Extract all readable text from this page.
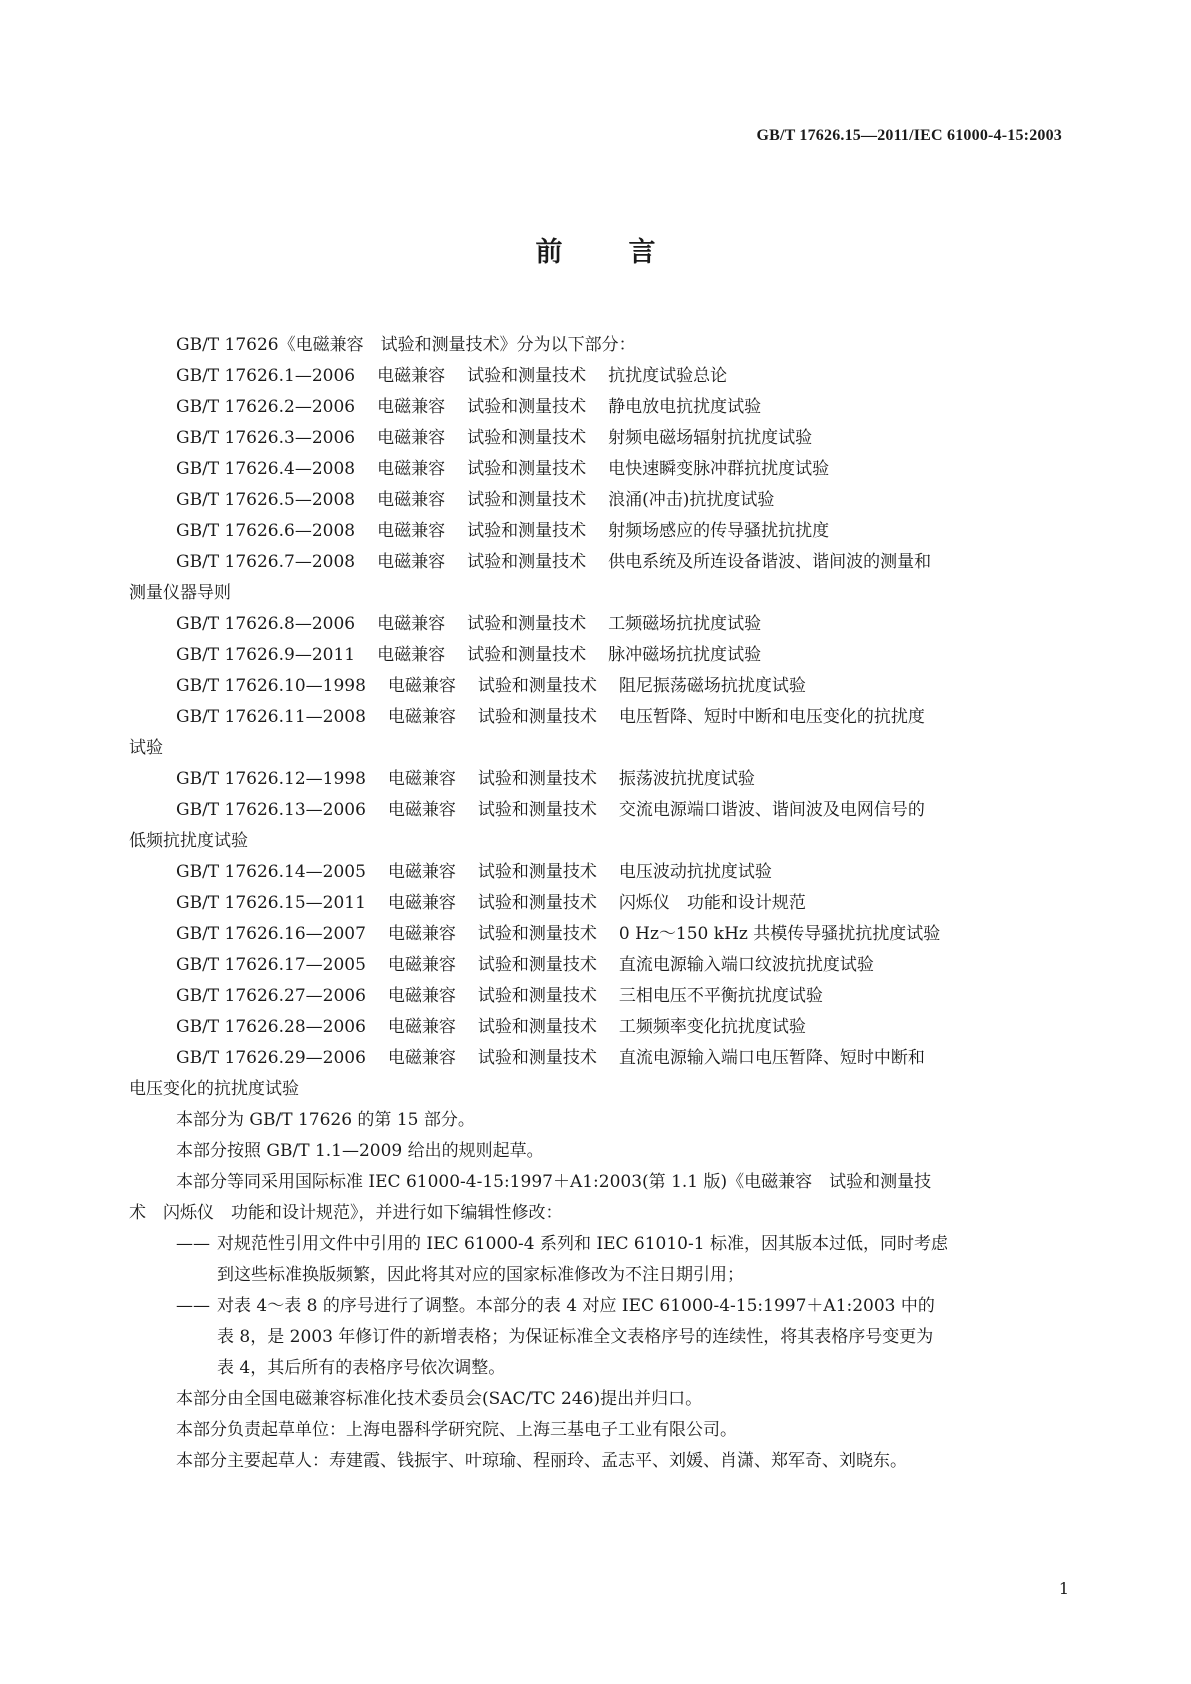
GB/T 17626.15—2011/IEC 61000-4-15:2003
前 言
GB/T 17626《电磁兼容　试验和测量技术》分为以下部分：
GB/T 17626.1—2006 电磁兼容 试验和测量技术 抗扰度试验总论
GB/T 17626.2—2006 电磁兼容 试验和测量技术 静电放电抗扰度试验
GB/T 17626.3—2006 电磁兼容 试验和测量技术 射频电磁场辐射抗扰度试验
GB/T 17626.4—2008 电磁兼容 试验和测量技术 电快速瞬变脉冲群抗扰度试验
GB/T 17626.5—2008 电磁兼容 试验和测量技术 浪涌(冲击)抗扰度试验
GB/T 17626.6—2008 电磁兼容 试验和测量技术 射频场感应的传导骚扰抗扰度
GB/T 17626.7—2008 电磁兼容 试验和测量技术 供电系统及所连设备谐波、谐间波的测量和
测量仪器导则
GB/T 17626.8—2006 电磁兼容 试验和测量技术 工频磁场抗扰度试验
GB/T 17626.9—2011 电磁兼容 试验和测量技术 脉冲磁场抗扰度试验
GB/T 17626.10—1998 电磁兼容 试验和测量技术 阻尼振荡磁场抗扰度试验
GB/T 17626.11—2008 电磁兼容 试验和测量技术 电压暂降、短时中断和电压变化的抗扰度
试验
GB/T 17626.12—1998 电磁兼容 试验和测量技术 振荡波抗扰度试验
GB/T 17626.13—2006 电磁兼容 试验和测量技术 交流电源端口谐波、谐间波及电网信号的
低频抗扰度试验
GB/T 17626.14—2005 电磁兼容 试验和测量技术 电压波动抗扰度试验
GB/T 17626.15—2011 电磁兼容 试验和测量技术 闪烁仪　功能和设计规范
GB/T 17626.16—2007 电磁兼容 试验和测量技术 0 Hz～150 kHz 共模传导骚扰抗扰度试验
GB/T 17626.17—2005 电磁兼容 试验和测量技术 直流电源输入端口纹波抗扰度试验
GB/T 17626.27—2006 电磁兼容 试验和测量技术 三相电压不平衡抗扰度试验
GB/T 17626.28—2006 电磁兼容 试验和测量技术 工频频率变化抗扰度试验
GB/T 17626.29—2006 电磁兼容 试验和测量技术 直流电源输入端口电压暂降、短时中断和
电压变化的抗扰度试验
本部分为 GB/T 17626 的第 15 部分。
本部分按照 GB/T 1.1—2009 给出的规则起草。
本部分等同采用国际标准 IEC 61000-4-15:1997＋A1:2003(第 1.1 版)《电磁兼容　试验和测量技
术　闪烁仪　功能和设计规范》，并进行如下编辑性修改：
—— 对规范性引用文件中引用的 IEC 61000-4 系列和 IEC 61010-1 标准，因其版本过低，同时考虑
到这些标准换版频繁，因此将其对应的国家标准修改为不注日期引用；
—— 对表 4～表 8 的序号进行了调整。本部分的表 4 对应 IEC 61000-4-15:1997＋A1:2003 中的
表 8，是 2003 年修订件的新增表格；为保证标准全文表格序号的连续性，将其表格序号变更为
表 4，其后所有的表格序号依次调整。
本部分由全国电磁兼容标准化技术委员会(SAC/TC 246)提出并归口。
本部分负责起草单位：上海电器科学研究院、上海三基电子工业有限公司。
本部分主要起草人：寿建霞、钱振宇、叶琼瑜、程丽玲、孟志平、刘媛、肖潇、郑军奇、刘晓东。
1
